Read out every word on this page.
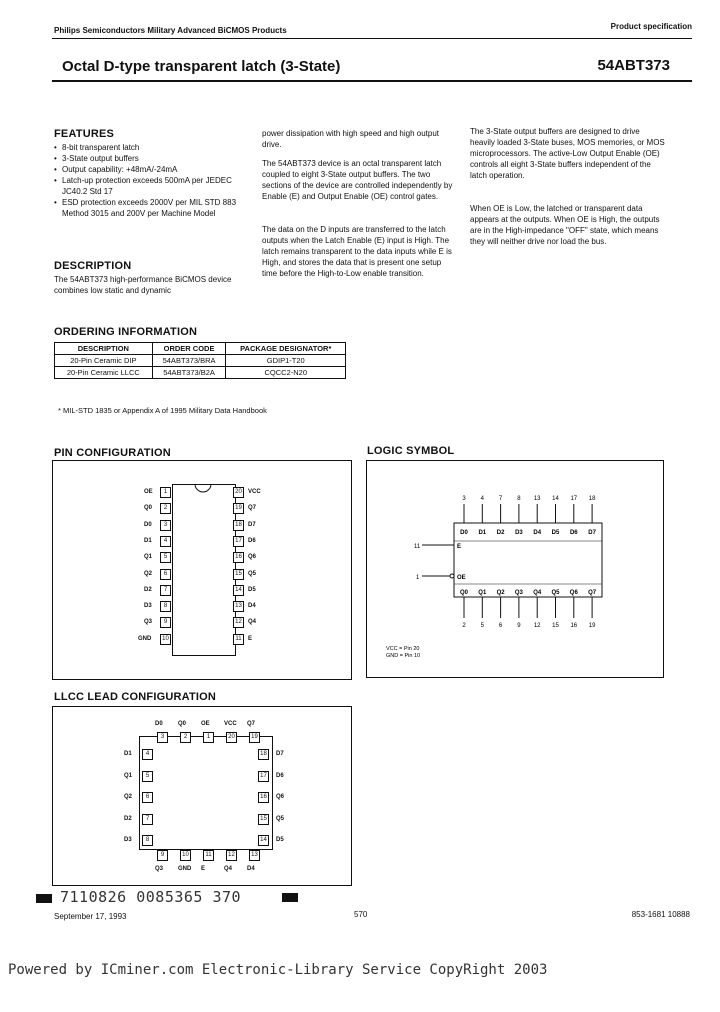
Philips Semiconductors Military Advanced BiCMOS Products	Product specification
Octal D-type transparent latch (3-State)	54ABT373
FEATURES
• 8-bit transparent latch
• 3-State output buffers
• Output capability: +48mA/-24mA
• Latch-up protection exceeds 500mA per JEDEC JC40.2 Std 17
• ESD protection exceeds 2000V per MIL STD 883 Method 3015 and 200V per Machine Model
DESCRIPTION
The 54ABT373 high-performance BiCMOS device combines low static and dynamic
power dissipation with high speed and high output drive.
The 54ABT373 device is an octal transparent latch coupled to eight 3-State output buffers. The two sections of the device are controlled independently by Enable (E) and Output Enable (OE) control gates.
The data on the D inputs are transferred to the latch outputs when the Latch Enable (E) input is High. The latch remains transparent to the data inputs while E is High, and stores the data that is present one setup time before the High-to-Low enable transition.
The 3-State output buffers are designed to drive heavily loaded 3-State buses, MOS memories, or MOS microprocessors. The active-Low Output Enable (OE) controls all eight 3-State buffers independent of the latch operation.
When OE is Low, the latched or transparent data appears at the outputs. When OE is High, the outputs are in the High-impedance "OFF" state, which means they will neither drive nor load the bus.
ORDERING INFORMATION
DESCRIPTION	ORDER CODE	PACKAGE DESIGNATOR*
20-Pin Ceramic DIP	54ABT373/BRA	GDIP1-T20
20-Pin Ceramic LLCC	54ABT373/B2A	CQCC2-N20
* MIL-STD 1835 or Appendix A of 1995 Military Data Handbook
PIN CONFIGURATION
1
OE
2
Q0
3
D0
4
D1
5
Q1
6
Q2
7
D2
8
D3
9
Q3
10
GND
20	VCC
19	Q7
18	D7
17	D6
16	Q6
15	Q5
14	D5
13	D4
12	Q4
11	E
LOGIC SYMBOL
11	E
1	OE
3
D0
Q0
2
4
D1
Q1
5
7
D2
Q2
6
8
D3
Q3
9
13
D4
Q4
12
14
D5
Q5
15
17
D6
Q6
16
18
D7
Q7
19
VCC = Pin 20
GND = Pin 10
LLCC LEAD CONFIGURATION
D0
3
Q0
2
OE
1
VCC
20
Q7
19
D1	4
Q1	5
Q2	6
D2	7
D3	8
18	D7
17	D6
16	Q6
15	Q5
14	D5
9
Q3
10
GND
11
E
12
Q4
13
D4
7110826 0085365 370
September 17, 1993	570	853-1681 10888
Powered by ICminer.com Electronic-Library Service CopyRight 2003
